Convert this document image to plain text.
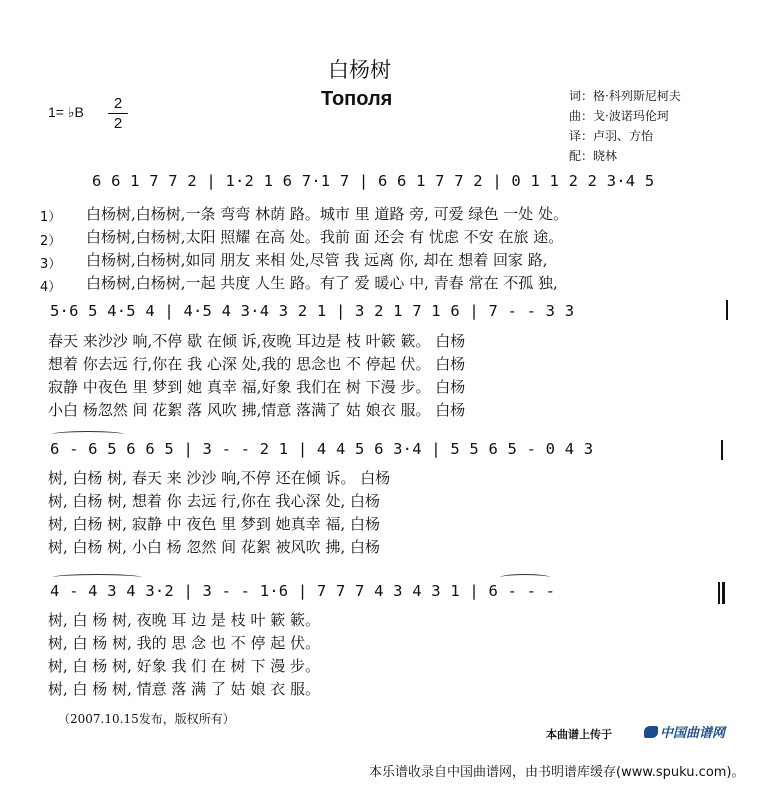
白杨树
Тополя
1= ♭B	2
2
词：格·科列斯尼柯夫
曲：戈·波诺玛伦珂
译：卢羽、方怡
配：晓林
6 6 1 7 7 2 | 1·2 1 6 7·1 7 | 6 6 1 7 7 2 | 0 1 1 2 2 3·4 5
1）
2）
3）
4）
白杨树,白杨树,一条 弯弯 林荫 路。城市 里 道路 旁, 可爱 绿色 一处 处。
白杨树,白杨树,太阳 照耀 在高 处。我前 面 还会 有 忧虑 不安 在旅 途。
白杨树,白杨树,如同 朋友 来相 处,尽管 我 远离 你, 却在 想着 回家 路,
白杨树,白杨树,一起 共度 人生 路。有了 爱 暖心 中, 青春 常在 不孤 独,
5·6 5 4·5 4 | 4·5 4 3·4 3 2 1 | 3 2 1 7 1 6 | 7 - - 3 3
春天 来沙沙 响,不停 歇 在倾 诉,夜晚 耳边是 枝 叶簌 簌。 白杨
想着 你去远 行,你在 我 心深 处,我的 思念也 不 停起 伏。 白杨
寂静 中夜色 里 梦到 她 真幸 福,好象 我们在 树 下漫 步。 白杨
小白 杨忽然 间 花絮 落 风吹 拂,情意 落满了 姑 娘衣 服。 白杨
6 - 6 5 6 6 5 | 3 - - 2 1 | 4 4 5 6 3·4 | 5 5 6 5 - 0 4 3
树, 白杨 树, 春天 来 沙沙 响,不停 还在倾 诉。 白杨
树, 白杨 树, 想着 你 去远 行,你在 我心深 处, 白杨
树, 白杨 树, 寂静 中 夜色 里 梦到 她真幸 福, 白杨
树, 白杨 树, 小白 杨 忽然 间 花絮 被风吹 拂, 白杨
4 - 4 3 4 3·2 | 3 - - 1·6 | 7 7 7 4 3 4 3 1 | 6 - - -
树, 白 杨 树, 夜晚 耳 边 是 枝 叶 簌 簌。
树, 白 杨 树, 我的 思 念 也 不 停 起 伏。
树, 白 杨 树, 好象 我 们 在 树 下 漫 步。
树, 白 杨 树, 情意 落 满 了 姑 娘 衣 服。
（2007.10.15发布，版权所有）
本曲谱上传于	中国曲谱网
本乐谱收录自中国曲谱网，由书明谱库缓存(www.spuku.com)。
